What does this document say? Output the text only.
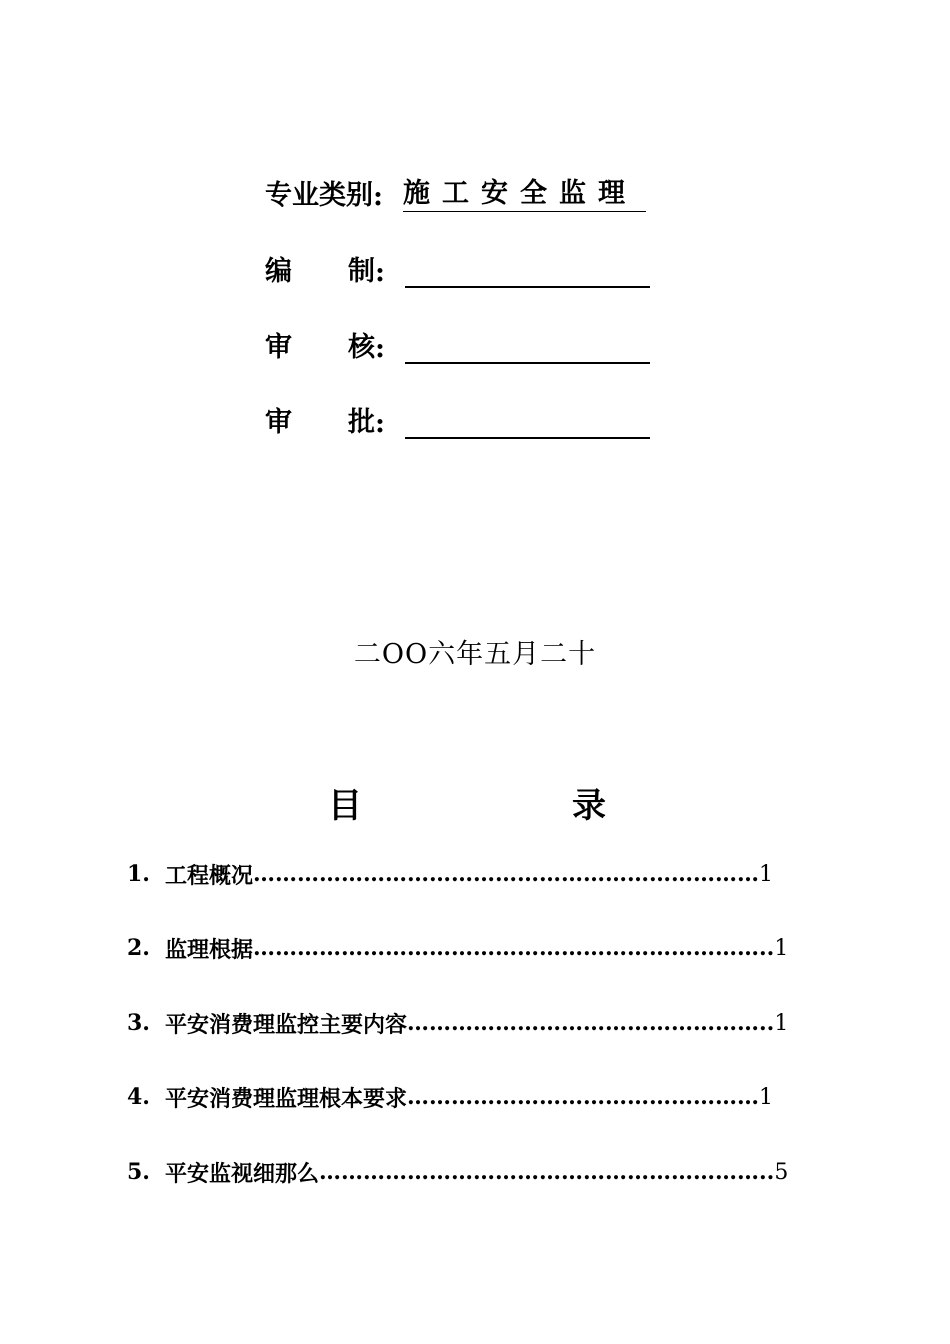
专业类别 : 施工安全监理
编 制 :
审 核 :
审 批 :
二OO六年五月二十
目	录
1. 工程概况 …………………………………………………………… 1
2. 监理根据 …………………………………………………………….. 1
3. 平安消费理监控主要内容 ………………………………………….. 1
4. 平安消费理监理根本要求 ………………………………………… 1
5. 平安监视细那么 …………………………………………………….. 5
